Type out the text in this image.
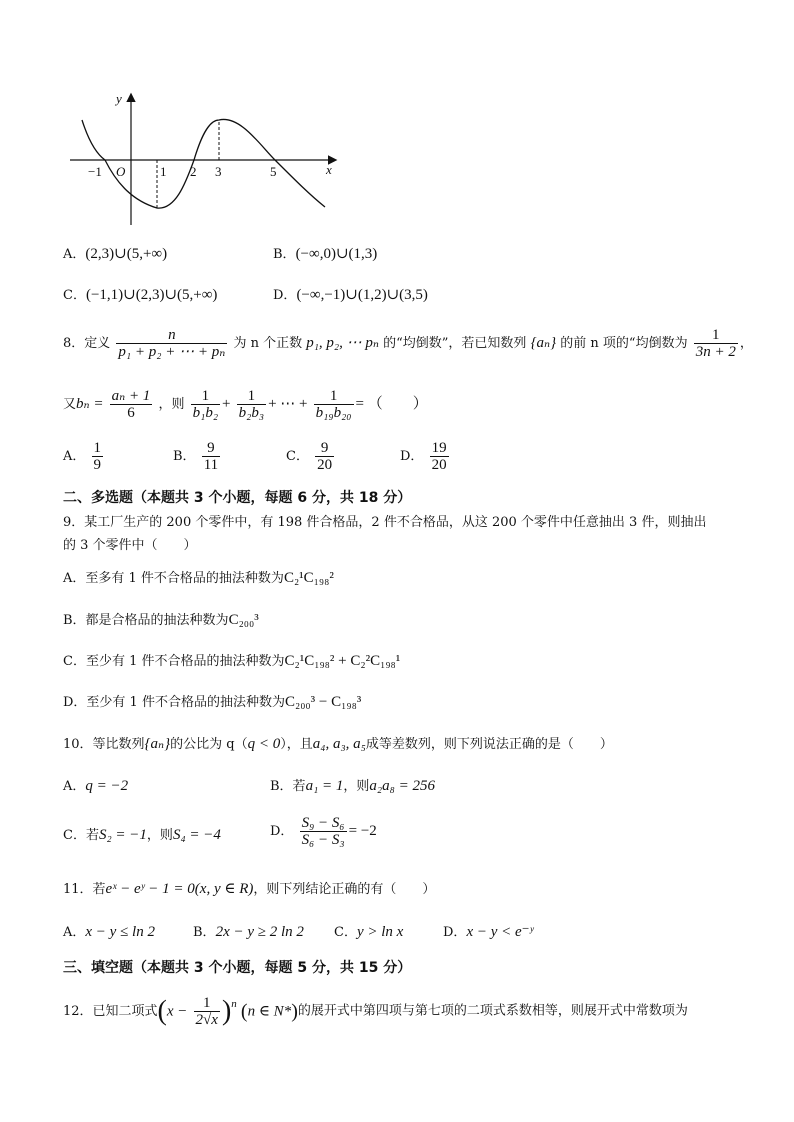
y
x
O
−1	1 2 3	5
A．(2,3)∪(5,+∞)	B．(−∞,0)∪(1,3)
C．(−1,1)∪(2,3)∪(5,+∞)	D．(−∞,−1)∪(1,2)∪(3,5)
8．定义 $\frac{n}{\text{p₁ + p₂ + ⋯ + pₙ}}$ 为 n 个正数 p₁, p₂, ⋯ pₙ 的“均倒数”，若已知数列 {aₙ} 的前 n 项的“均倒数为 $\frac{1}{3n + 2}$ ，
又$b_n = \frac{\text{aₙ + 1}}{6}$ ，则 $\frac{1}{\text{b₁b₂}} + \frac{1}{\text{b₂b₃}}$ + ⋯ + $\frac{1}{\text{b₁₉b₂₀}}$ = （　　）
A． $\frac{1}{9}$	B． $\frac{9}{11}$	C． $\frac{9}{20}$	D． $\frac{19}{20}$
二、多选题（本题共 3 个小题，每题 6 分，共 18 分）
9．某工厂生产的 200 个零件中，有 198 件合格品，2 件不合格品，从这 200 个零件中任意抽出 3 件，则抽出
的 3 个零件中（　　）
A．至多有 1 件不合格品的抽法种数为C₂¹C₁₉₈²
B．都是合格品的抽法种数为C₂₀₀³
C．至少有 1 件不合格品的抽法种数为C₂¹C₁₉₈² + C₂²C₁₉₈¹
D．至少有 1 件不合格品的抽法种数为C₂₀₀³ − C₁₉₈³
10．等比数列{aₙ}的公比为 q（q < 0），且a₄, a₃, a₅成等差数列，则下列说法正确的是（　　）
A．q = −2	B．若a₁ = 1，则a₂a₈ = 256
C．若S₂ = −1，则S₄ = −4	D． $\frac{\text{S₉ − S₆}}{\text{S₆ − S₃}} = -2$
11．若eˣ − eʸ − 1 = 0(x, y ∈ R)，则下列结论正确的有（　　）
A．x − y ≤ ln 2	B．2x − y ≥ 2 ln 2 C．y > ln x	D．x − y < e⁻ʸ
三、填空题（本题共 3 个小题，每题 5 分，共 15 分）
12．已知二项式$(x - \frac{1}{2√x} )^n$ (n ∈ N*)的展开式中第四项与第七项的二项式系数相等，则展开式中常数项为
